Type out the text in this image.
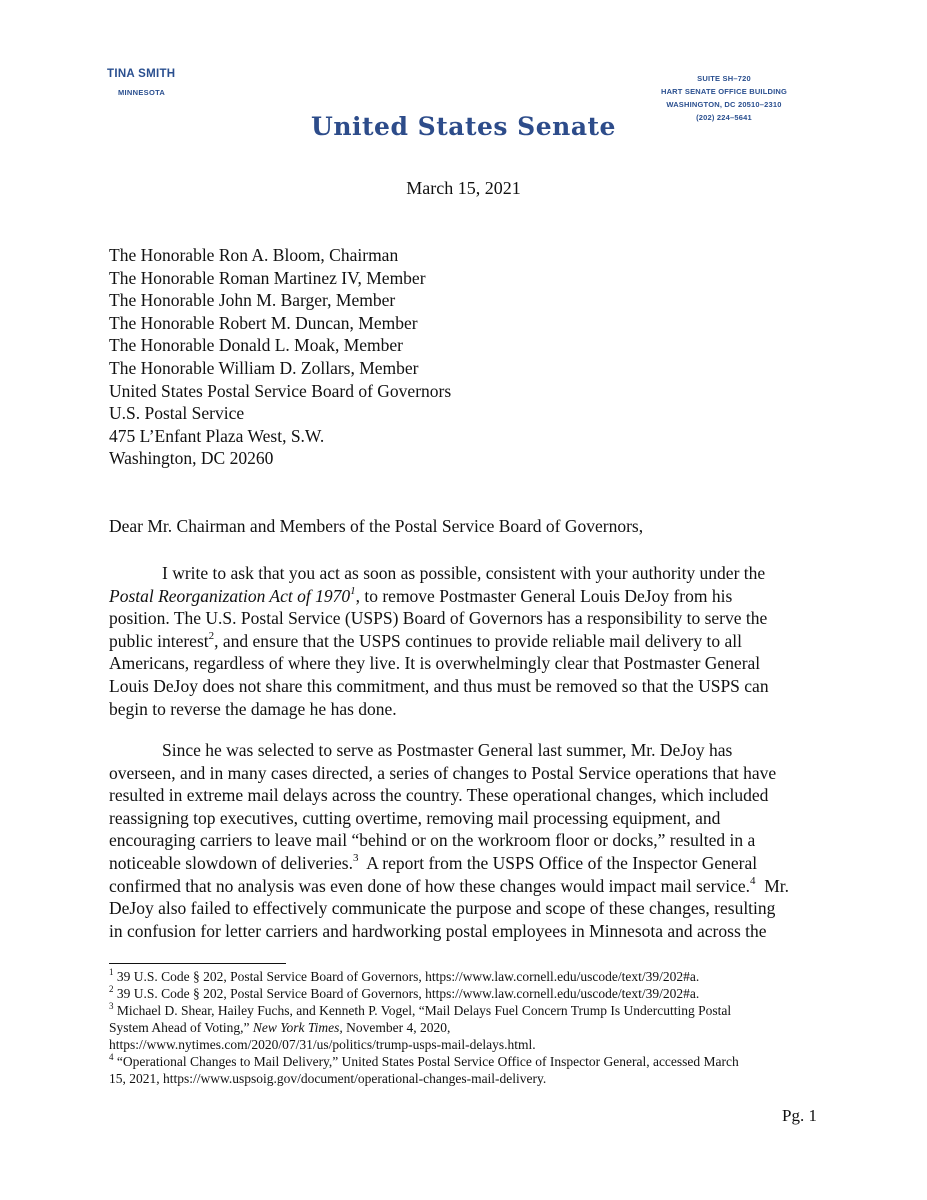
TINA SMITH
MINNESOTA
SUITE SH–720
HART SENATE OFFICE BUILDING
WASHINGTON, DC 20510–2310
(202) 224–5641
United States Senate
March 15, 2021
The Honorable Ron A. Bloom, Chairman
The Honorable Roman Martinez IV, Member
The Honorable John M. Barger, Member
The Honorable Robert M. Duncan, Member
The Honorable Donald L. Moak, Member
The Honorable William D. Zollars, Member
United States Postal Service Board of Governors
U.S. Postal Service
475 L’Enfant Plaza West, S.W.
Washington, DC 20260
Dear Mr. Chairman and Members of the Postal Service Board of Governors,
I write to ask that you act as soon as possible, consistent with your authority under the
Postal Reorganization Act of 1970$^1$, to remove Postmaster General Louis DeJoy from his
position. The U.S. Postal Service (USPS) Board of Governors has a responsibility to serve the
public interest$^2$, and ensure that the USPS continues to provide reliable mail delivery to all
Americans, regardless of where they live. It is overwhelmingly clear that Postmaster General
Louis DeJoy does not share this commitment, and thus must be removed so that the USPS can
begin to reverse the damage he has done.
Since he was selected to serve as Postmaster General last summer, Mr. DeJoy has
overseen, and in many cases directed, a series of changes to Postal Service operations that have
resulted in extreme mail delays across the country. These operational changes, which included
reassigning top executives, cutting overtime, removing mail processing equipment, and
encouraging carriers to leave mail “behind or on the workroom floor or docks,” resulted in a
noticeable slowdown of deliveries.$^3$  A report from the USPS Office of the Inspector General
confirmed that no analysis was even done of how these changes would impact mail service.$^4$  Mr.
DeJoy also failed to effectively communicate the purpose and scope of these changes, resulting
in confusion for letter carriers and hardworking postal employees in Minnesota and across the
$^1$ 39 U.S. Code § 202, Postal Service Board of Governors, https://www.law.cornell.edu/uscode/text/39/202#a.
$^2$ 39 U.S. Code § 202, Postal Service Board of Governors, https://www.law.cornell.edu/uscode/text/39/202#a.
$^3$ Michael D. Shear, Hailey Fuchs, and Kenneth P. Vogel, “Mail Delays Fuel Concern Trump Is Undercutting Postal
System Ahead of Voting,” New York Times, November 4, 2020,
https://www.nytimes.com/2020/07/31/us/politics/trump-usps-mail-delays.html.
$^4$ “Operational Changes to Mail Delivery,” United States Postal Service Office of Inspector General, accessed March
15, 2021, https://www.uspsoig.gov/document/operational-changes-mail-delivery.
Pg. 1
